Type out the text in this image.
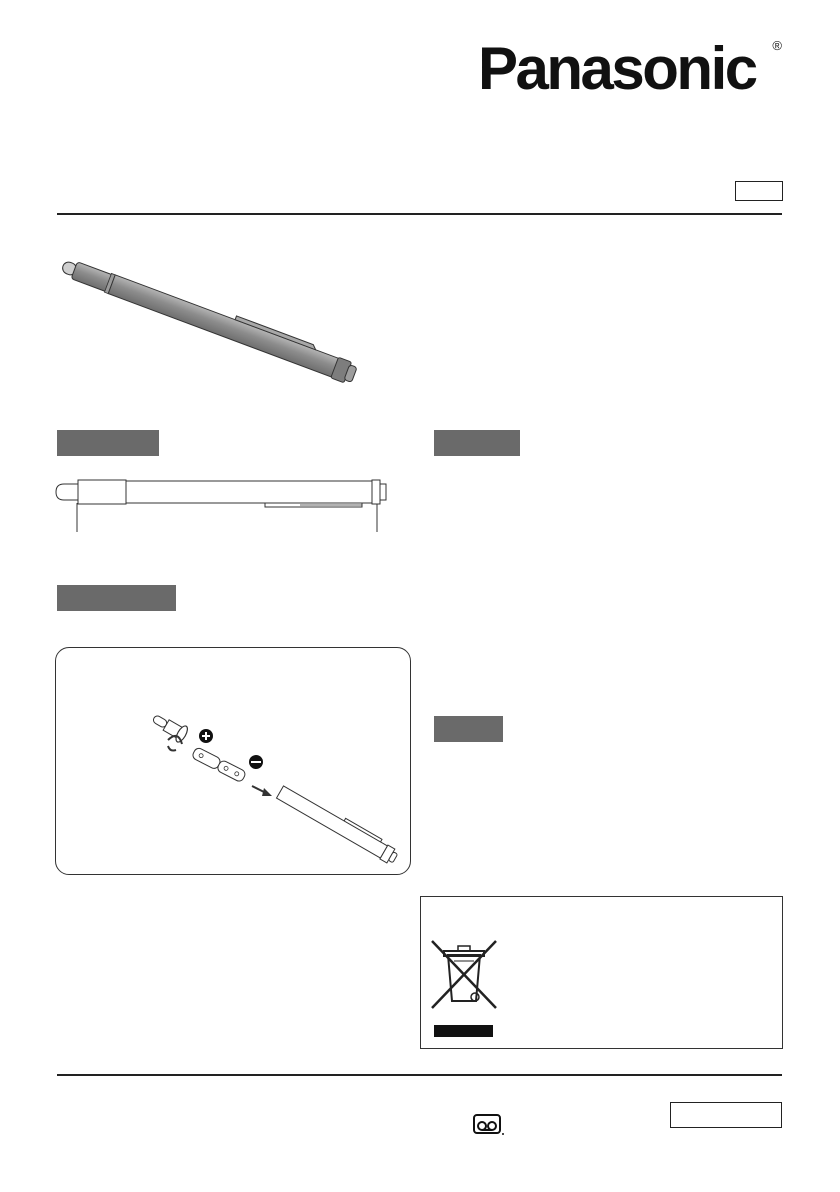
Panasonic ®
